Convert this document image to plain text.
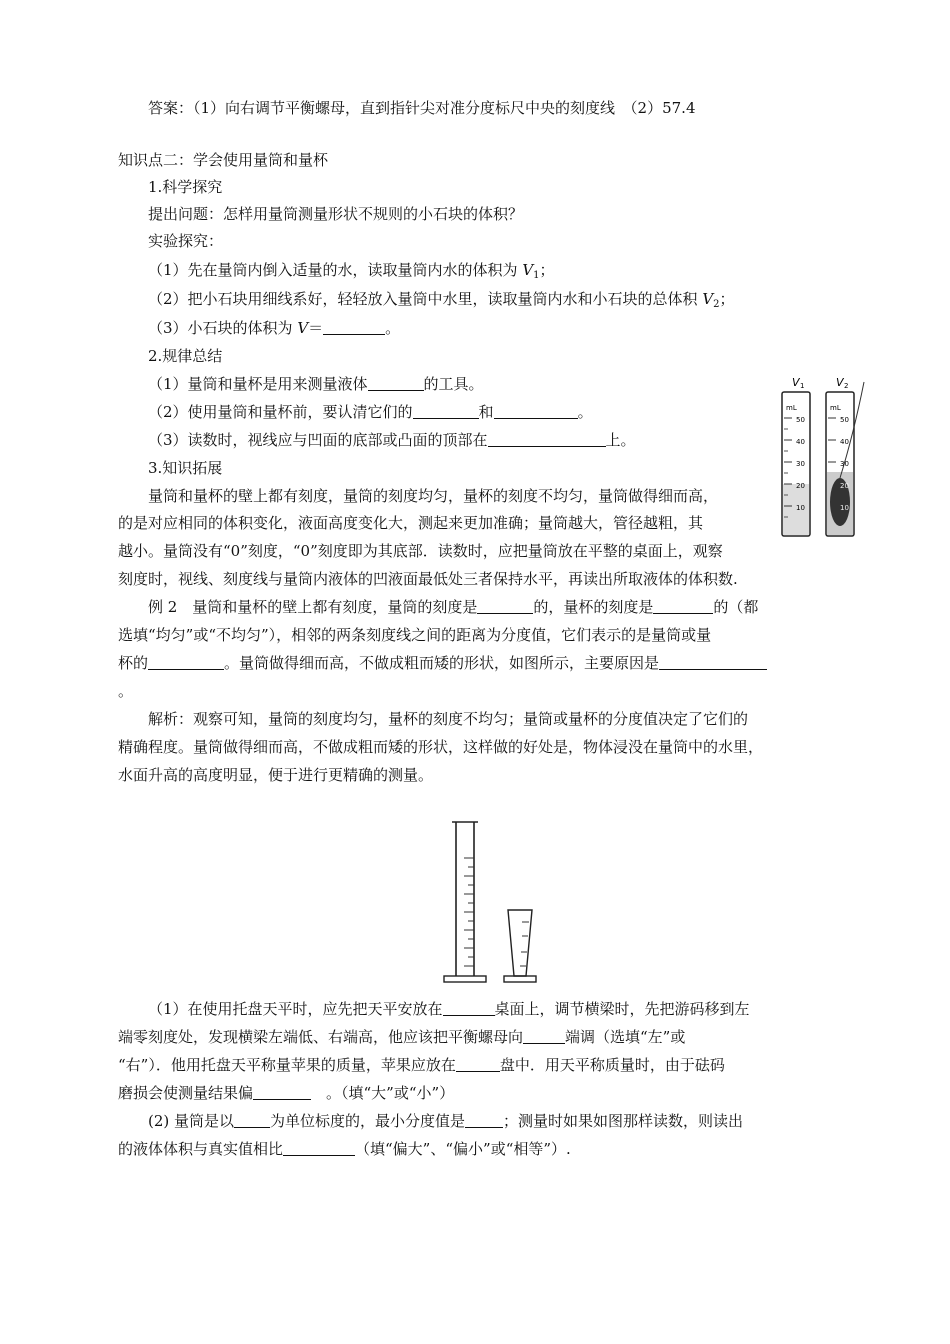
答案：（1）向右调节平衡螺母，直到指针尖对准分度标尺中央的刻度线　（2）57.4
知识点二：学会使用量筒和量杯
1.科学探究
提出问题：怎样用量筒测量形状不规则的小石块的体积？
实验探究：
（1）先在量筒内倒入适量的水，读取量筒内水的体积为 $V_1$；
（2）把小石块用细线系好，轻轻放入量筒中水里，读取量筒内水和小石块的总体积 $V_2$；
（3）小石块的体积为 V＝	。
2.规律总结
（1）量筒和量杯是用来测量液体	的工具。
（2）使用量筒和量杯前，要认清它们的	和	。
（3）读数时，视线应与凹面的底部或凸面的顶部在	上。
3.知识拓展
量筒和量杯的壁上都有刻度，量筒的刻度均匀，量杯的刻度不均匀，量筒做得细而高，
的是对应相同的体积变化，液面高度变化大，测起来更加准确；量筒越大，管径越粗，其
越小。量筒没有“0”刻度，“0”刻度即为其底部．读数时，应把量筒放在平整的桌面上，观察
刻度时，视线、刻度线与量筒内液体的凹液面最低处三者保持水平，再读出所取液体的体积数.
V 1	V 2
mL
50
40
30
20
10
mL
50
40
30
20
10
例 2　量筒和量杯的壁上都有刻度，量筒的刻度是	的，量杯的刻度是	的（都
选填“均匀”或“不均匀”），相邻的两条刻度线之间的距离为分度值，它们表示的是量筒或量
杯的	。量筒做得细而高，不做成粗而矮的形状，如图所示，主要原因是
。
解析：观察可知，量筒的刻度均匀，量杯的刻度不均匀；量筒或量杯的分度值决定了它们的
精确程度。量筒做得细而高，不做成粗而矮的形状，这样做的好处是，物体浸没在量筒中的水里，
水面升高的高度明显，便于进行更精确的测量。
（1）在使用托盘天平时，应先把天平安放在	桌面上，调节横梁时，先把游码移到左
端零刻度处，发现横梁左端低、右端高，他应该把平衡螺母向	端调（选填“左”或
“右”）．他用托盘天平称量苹果的质量，苹果应放在	盘中．用天平称质量时，由于砝码
磨损会使测量结果偏	　。（填“大”或“小”）
(2) 量筒是以 为单位标度的，最小分度值是	；测量时如果如图那样读数，则读出
的液体体积与真实值相比	（填“偏大”、“偏小”或“相等”）.
